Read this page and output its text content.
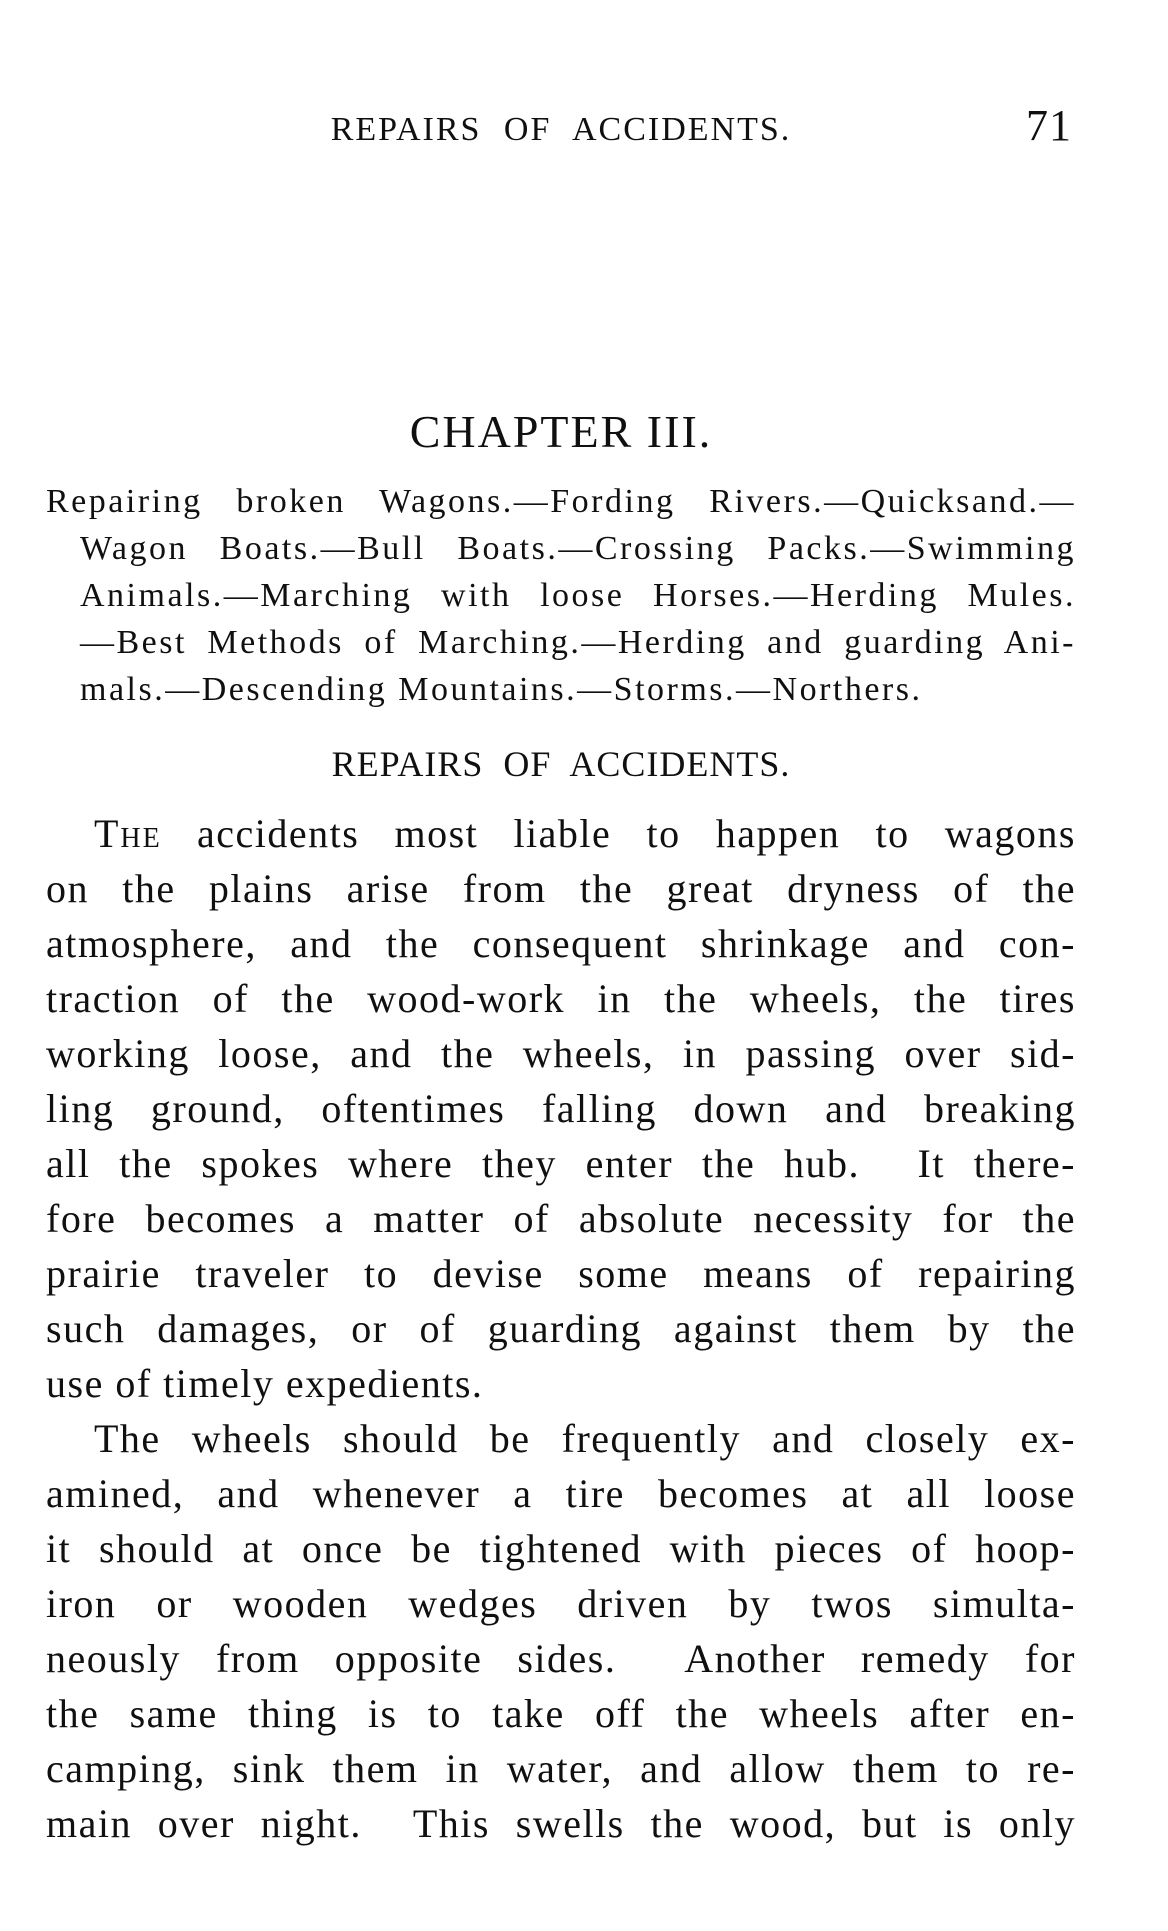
REPAIRS OF ACCIDENTS.	71
CHAPTER III.
Repairing broken Wagons.—Fording Rivers.—Quicksand.—
Wagon Boats.—Bull Boats.—Crossing Packs.—Swimming
Animals.—Marching with loose Horses.—Herding Mules.
—Best Methods of Marching.—Herding and guarding Ani-
mals.—Descending Mountains.—Storms.—Northers.
REPAIRS OF ACCIDENTS.
The accidents most liable to happen to wagons
on the plains arise from the great dryness of the
atmosphere, and the consequent shrinkage and con-
traction of the wood-work in the wheels, the tires
working loose, and the wheels, in passing over sid-
ling ground, oftentimes falling down and breaking
all the spokes where they enter the hub.  It there-
fore becomes a matter of absolute necessity for the
prairie traveler to devise some means of repairing
such damages, or of guarding against them by the
use of timely expedients.
The wheels should be frequently and closely ex-
amined, and whenever a tire becomes at all loose
it should at once be tightened with pieces of hoop-
iron or wooden wedges driven by twos simulta-
neously from opposite sides.  Another remedy for
the same thing is to take off the wheels after en-
camping, sink them in water, and allow them to re-
main over night.  This swells the wood, but is only
